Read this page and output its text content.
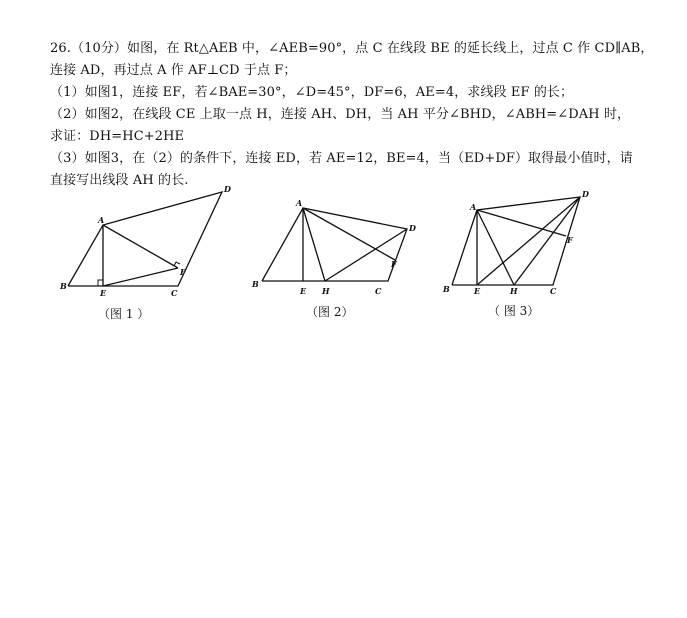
26.（10分）如图，在 Rt△AEB 中，∠AEB=90°，点 C 在线段 BE 的延长线上，过点 C 作 CD∥AB，

连接 AD，再过点 A 作 AF⊥CD 于点 F；

（1）如图1，连接 EF，若∠BAE=30°，∠D=45°，DF=6，AE=4，求线段 EF 的长；

（2）如图2，在线段 CE 上取一点 H，连接 AH、DH，当 AH 平分∠BHD，∠ABH=∠DAH 时，

求证：DH=HC+2HE

（3）如图3，在（2）的条件下，连接 ED，若 AE=12，BE=4，当（ED+DF）取得最小值时，请

直接写出线段 AH 的长.

A
B
E	C
D
F
（图 1 ）
A
B
E H	C
D
F
（图 2）
A
B	E	H	C
D
F
（ 图 3）
